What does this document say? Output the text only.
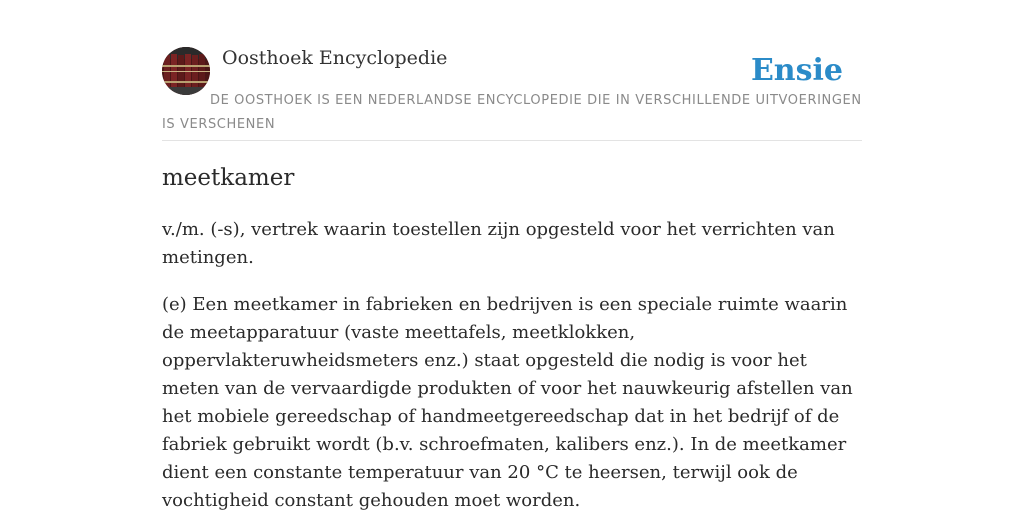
Oosthoek Encyclopedie	Ensie
DE OOSTHOEK IS EEN NEDERLANDSE ENCYCLOPEDIE DIE IN VERSCHILLENDE UITVOERINGEN IS VERSCHENEN
meetkamer

v./m. (-s), vertrek waarin toestellen zijn opgesteld voor het verrichten van metingen.

(e) Een meetkamer in fabrieken en bedrijven is een speciale ruimte waarin de meetapparatuur (vaste meettafels, meetklokken, oppervlakteruwheidsmeters enz.) staat opgesteld die nodig is voor het meten van de vervaardigde produkten of voor het nauwkeurig afstellen van het mobiele gereedschap of handmeetgereedschap dat in het bedrijf of de fabriek gebruikt wordt (b.v. schroefmaten, kalibers enz.). In de meetkamer dient een constante temperatuur van 20 °C te heersen, terwijl ook de vochtigheid constant gehouden moet worden.
